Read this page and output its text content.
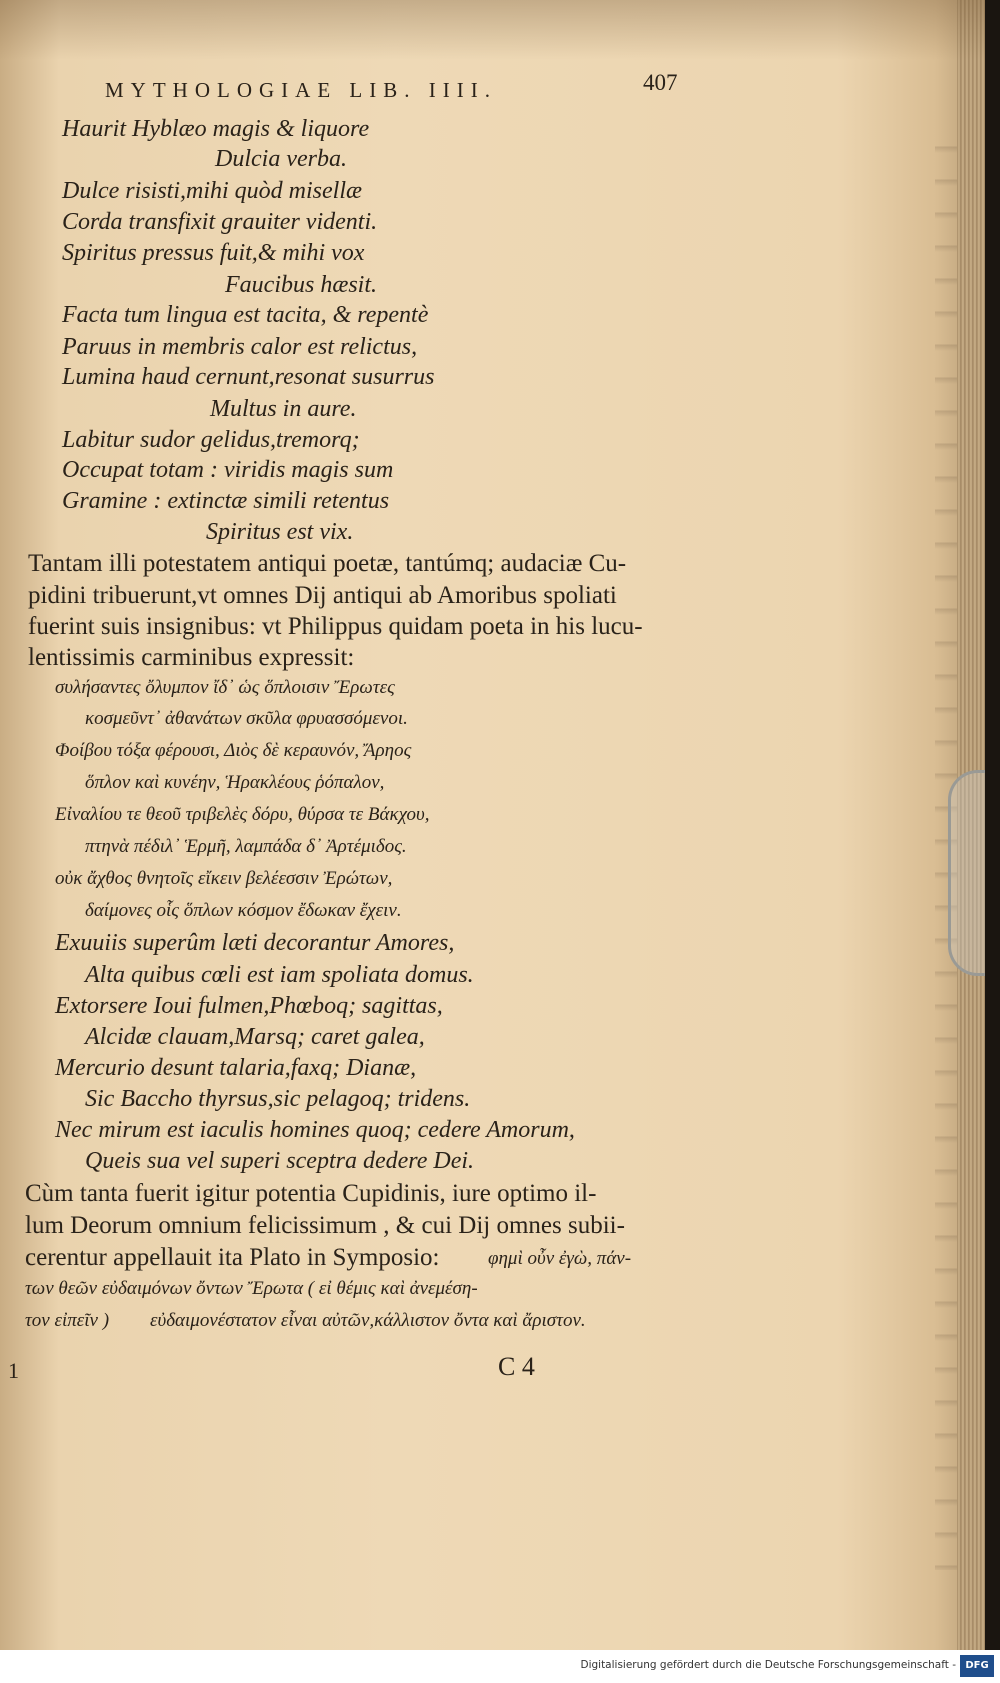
MYTHOLOGIAE LIB. IIII.	407
Haurit Hyblæo magis & liquore
Dulcia verba.
Dulce risisti,mihi quòd misellæ
Corda transfixit grauiter videnti.
Spiritus pressus fuit,& mihi vox
Faucibus hæsit.
Facta tum lingua est tacita, & repentè
Paruus in membris calor est relictus,
Lumina haud cernunt,resonat susurrus
Multus in aure.
Labitur sudor gelidus,tremorq;
Occupat totam : viridis magis sum
Gramine : extinctæ simili retentus
Spiritus est vix.
Tantam illi potestatem antiqui poetæ, tantúmq; audaciæ Cu-
pidini tribuerunt,vt omnes Dij antiqui ab Amoribus spoliati
fuerint suis insignibus: vt Philippus quidam poeta in his lucu-
lentissimis carminibus expressit:
συλήσαντες ὄλυμπον ἴδ᾽ ὡς ὅπλοισιν Ἔρωτες
κοσμεῦντ᾽ ἀθανάτων σκῦλα φρυασσόμενοι.
Φοίβου τόξα φέρουσι, Διὸς δὲ κεραυνόν, Ἄρηος
ὅπλον καὶ κυνέην, Ἡρακλέους ῥόπαλον,
Εἰναλίου τε θεοῦ τριβελὲς δόρυ, θύρσα τε Βάκχου,
πτηνὰ πέδιλ᾽ Ἑρμῆ, λαμπάδα δ᾽ Ἀρτέμιδος.
οὐκ ἄχθος θνητοῖς εἴκειν βελέεσσιν Ἐρώτων,
δαίμονες οἷς ὅπλων κόσμον ἔδωκαν ἔχειν.
Exuuiis superûm læti decorantur Amores,
Alta quibus cœli est iam spoliata domus.
Extorsere Ioui fulmen,Phœboq; sagittas,
Alcidæ clauam,Marsq; caret galea,
Mercurio desunt talaria,faxq; Dianæ,
Sic Baccho thyrsus,sic pelagoq; tridens.
Nec mirum est iaculis homines quoq; cedere Amorum,
Queis sua vel superi sceptra dedere Dei.
Cùm tanta fuerit igitur potentia Cupidinis, iure optimo il-
lum Deorum omnium felicissimum , & cui Dij omnes subii-
cerentur appellauit ita Plato in Symposio:	φημὶ οὖν ἐγὼ, πάν-
των θεῶν εὐδαιμόνων ὄντων Ἔρωτα ( εἰ θέμις καὶ ἀνεμέση-
τον εἰπεῖν ) εὐδαιμονέστατον εἶναι αὐτῶν,κάλλιστον ὄντα καὶ ἄριστον.
C 4
1
Digitalisierung gefördert durch die Deutsche Forschungsgemeinschaft - DFG
